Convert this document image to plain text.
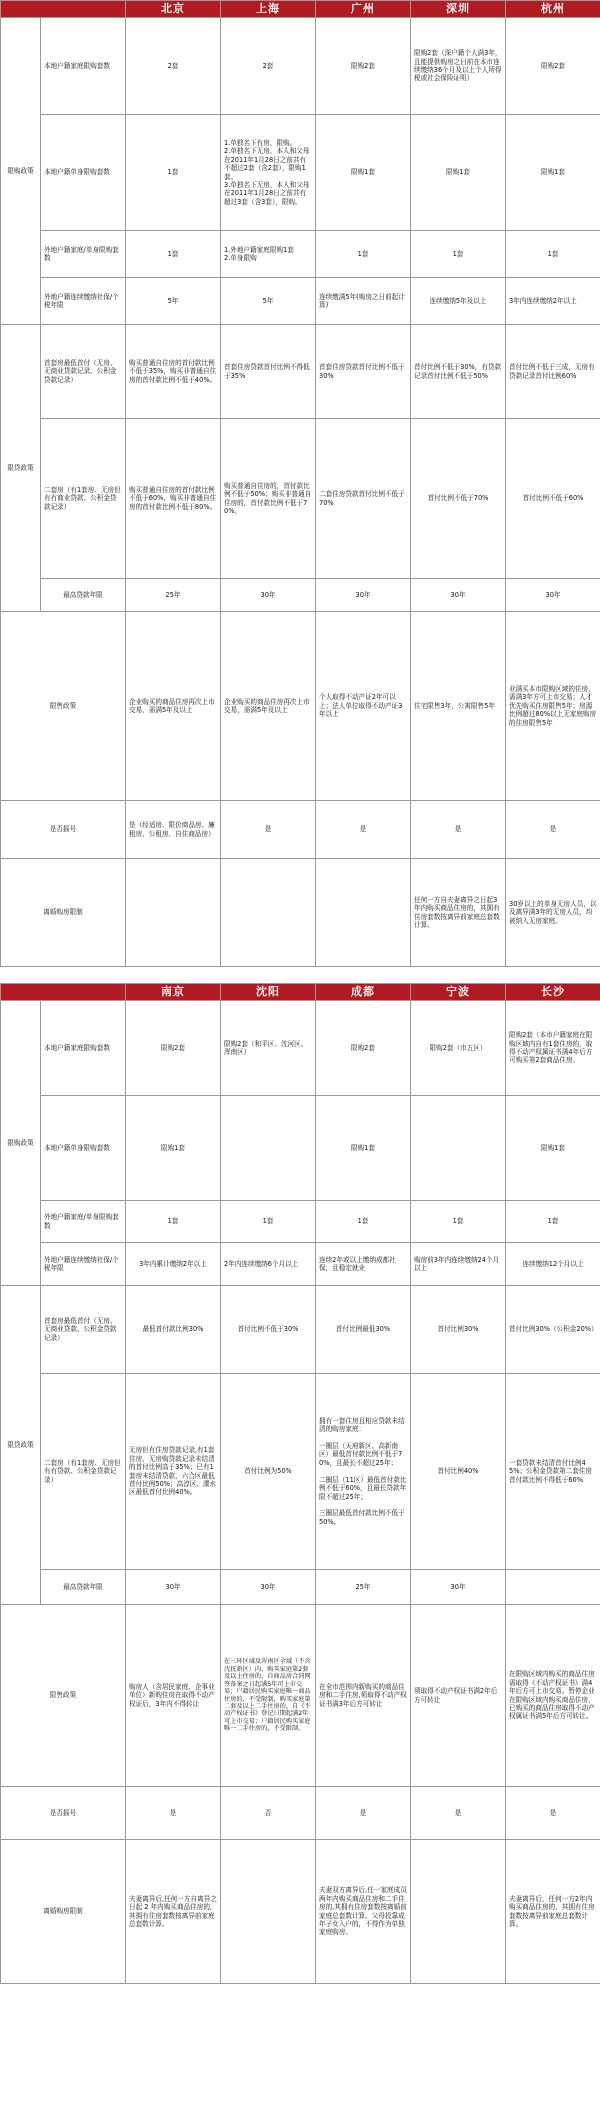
		北京	上海	广州	深圳	杭州
限购政策	本地户籍家庭限购套数	2套	2套	限购2套	限购2套（深户籍个人满3年，且能提供购房之日前在本市连续缴纳36个月及以上个人所得税或社会保险证明）	限购2套
	本地户籍单身限购套数	1套	1.单独名下有房，限购。
2.单独名下无房，本人和父母在2011年1月28日之前共有不超过2套（含2套），限购1套。
3.单独名下无房，本人和父母在2011年1月28日之前共有超过3套（含3套），限购。	限购1套	限购1套	限购1套
	外地户籍家庭/单身限购套数	1套	1.外地户籍家庭限购1套
2.单身限购	1套	1套	1套
	外地户籍连续缴纳社保/个税年限	5年	5年	连续缴满5年(购房之日前起计算)	连续缴纳5年及以上	3年内连续缴纳2年以上
限贷政策	首套房最低首付（无房、无商业贷款记录、公积金贷款记录）	购买普通自住房的首付款比例不低于35%，购买非普通自住房的首付款比例不低于40%。	首套住房贷款首付比例不得低于35%	首套住房贷款首付比例不低于30%	首付比例不低于30%，有贷款记录首付比例不低于50%	首付比例不低于三成，无房有贷款记录首付比例60%
	二套房（有1套房、无房但有有商业贷款、公积金贷款记录）	购买普通自住房的首付款比例不低于60%，购买非普通自住房的首付款比例不低于80%。	购买普通自住房的，首付款比例不低于50%；购买非普通自住房的，首付款比例不低于70%。	二套住房贷款首付比例不低于70%	首付比例不低于70%	首付比例不低于60%
	最高贷款年限	25年	30年	30年	30年	30年
限售政策		企业购买的商品住房再次上市交易，需满5年及以上	企业购买的商品住房再次上市交易，需满5年及以上	个人取得不动产证2年可以上；法人单位取得不动产证3年以上	住宅限售3年，公寓限售5年	业满买本市限购区域的住房，需满3年方可上市交易；人才优先购买住房限售5年；房源比例超过80%以上无家庭购房的住房限售5年
是否摇号		是（经适房、限价商品房、廉租房、公租房、自住商品房）	是	是	是	是
离婚购房限制					任何一方自夫妻离异之日起3年内购买商品住房的，其拥有住房套数按离异前家庭总套数计算。	30岁以上的单身无房人员，以及离异满3年的无房人员，均被纳入无房家庭。
		南京	沈阳	成都	宁波	长沙
限购政策	本地户籍家庭限购套数	限购2套	限购2套（和平区、沈河区、浑南区）	限购2套	限购2套（市五区）	限购2套（本市户籍家庭在限购区域内自有1套住房的，取得不动产权属证书满4年后方可购买第2套商品住房。
	本地户籍单身限购套数	限购1套		限购1套		限购1套
	外地户籍家庭/单身限购套数	1套	1套	1套	1套	1套
	外地户籍连续缴纳社保/个税年限	3年内累计缴纳2年以上	2年内连续缴纳6个月以上	连续2年或以上缴纳成都社保，且稳定就业	购房前3年内连续缴纳24个月以上	连续缴纳12个月以上
限贷政策	首套房最低首付（无房、无商业贷款、公积金贷款记录）	最低首付款比例30%	首付比例不低于30%	首付比例最低30%	首付比例30%	首付比例30%（公积金20%）
	二套房（有1套房、无房但有有贷款、公积金贷款记录）	无房但有住房贷款记录,有1套住房、无房购贷款记录未结清的首付比例高于35%；已有1套房未结清贷款，六合区最低首付比例50%；高淳区、溧水区最低首付比例40%。	首付比例为50%	拥有一套住房且相应贷款未结清的购房家庭：

一圈层（天府新区、高新南区）最低首付款比例不低于70%，且最长不超过25年；

二圈层（11区）最低首付款比例不低于60%，且最长贷款年限不超过25年；

三圈层最低首付款比例不低于50%。	首付比例40%	一套贷款未结清首付比例45%；公积金贷款第二套住房首付款比例不得低于60%
	最高贷款年限	30年	30年	25年	30年	
限售政策		购房人（含居民家庭、企事业单位）新购住房在取得不动产权证后，3年内不得转让	在三环区域及浑南区全域（不含沈抚新区）内，购买家庭第2套及以上住房的，自商品房合同网签备案之日起满5年可上市交易；户籍居民购买家庭唯一商品住房的，不受限制，购买家庭第二套及以上二手住房的，自《不动产权证书》登记日期起满2年可上市交易；户籍居民购买家庭唯一二手住房的，不受限制。	在全市范围内新购买的商品住房和二手住房,须取得不动产权证书满3年后方可转让	须取得不动产权证书满2年后方可转让	在限购区域内购买的商品住房需取得《不动产权证书》满4年后方可上市交易。暂停企业在限购区域内购买商品住房，已购买的商品住房取得不动产权属证书满5年后方可转让。
是否摇号		是	否	是	是	是
离婚购房限制		夫妻离异后,任何一方自离异之日起 2 年内购买商品住房的,其拥有住房套数按离异前家庭总套数计算。		夫妻双方离异后,任一家庭成员两年内购买商品住房和二手住房的,其拥有住房套数按离婚前家庭总套数计算。父母投靠成年子女入户的，不得作为单独家庭购房。		夫妻离异后，任何一方2年内购买商品住房的，其拥有住房套数按离异前家庭总套数计算。
